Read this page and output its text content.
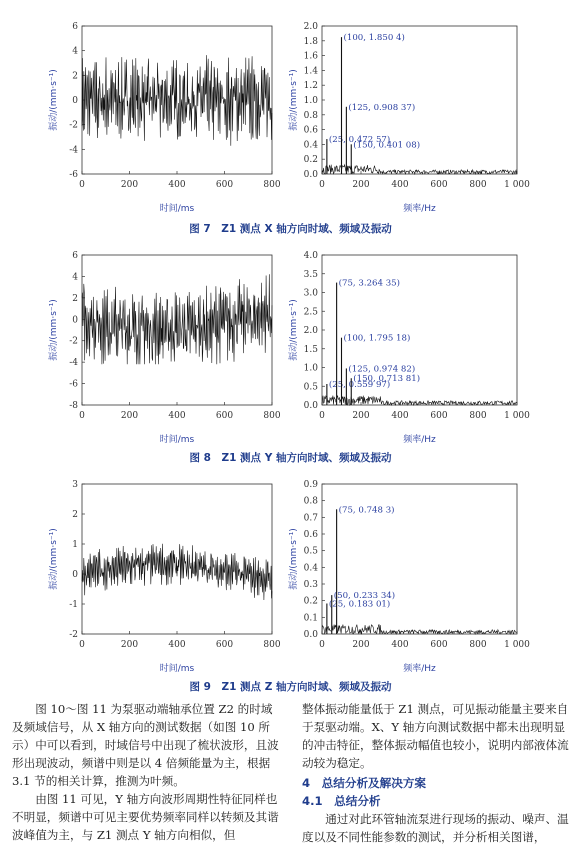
-6
-4
-2
0
2
4
6
0	200	400	600	800
时间/ms
振动/(mm·s⁻¹)
0.0
0.2
0.4
0.6
0.8
1.0
1.2
1.4
1.6
1.8
2.0
0	200 400 600 800 1 000
频率/Hz
振动/(mm·s⁻¹)
(25, 0.472 57)
(100, 1.850 4)
(125, 0.908 37)
(150, 0.401 08)
-8
-6
-4
-2
0
2
4
6
0	200	400	600	800
时间/ms
振动/(mm·s⁻¹)
0.0
0.5
1.0
1.5
2.0
2.5
3.0
3.5
4.0
0	200 400 600 800 1 000
频率/Hz
振动/(mm·s⁻¹)
(25, 0.559 97)
(75, 3.264 35)
(100, 1.795 18)
(125, 0.974 82)
(150, 0.713 81)
-2
-1
0
1
2
3
0	200	400	600	800
时间/ms
振动/(mm·s⁻¹)
0.0
0.1
0.2
0.3
0.4
0.5
0.6
0.7
0.8
0.9
0	200 400 600 800 1 000
频率/Hz
振动/(mm·s⁻¹)
(25, 0.183 01)
(50, 0.233 34)
(75, 0.748 3)
图 7　Z1 测点 X 轴方向时域、频域及振动
图 8　Z1 测点 Y 轴方向时域、频域及振动
图 9　Z1 测点 Z 轴方向时域、频域及振动

图 10～图 11 为泵驱动端轴承位置 Z2 的时域及频域信号，从 X 轴方向的测试数据（如图 10 所示）中可以看到，时域信号中出现了梳状波形，且波形出现波动，频谱中则是以 4 倍频能量为主，根据 3.1 节的相关计算，推测为叶频。

由图 11 可见，Y 轴方向波形周期性特征同样也不明显，频谱中可见主要优势频率同样以转频及其谐波峰值为主，与 Z1 测点 Y 轴方向相似，但

整体振动能量低于 Z1 测点，可见振动能量主要来自于泵驱动端。X、Y 轴方向测试数据中都未出现明显的冲击特征，整体振动幅值也较小，说明内部液体流动较为稳定。

4　总结分析及解决方案

4.1　总结分析

通过对此环管轴流泵进行现场的振动、噪声、温度以及不同性能参数的测试，并分析相关图谱，
